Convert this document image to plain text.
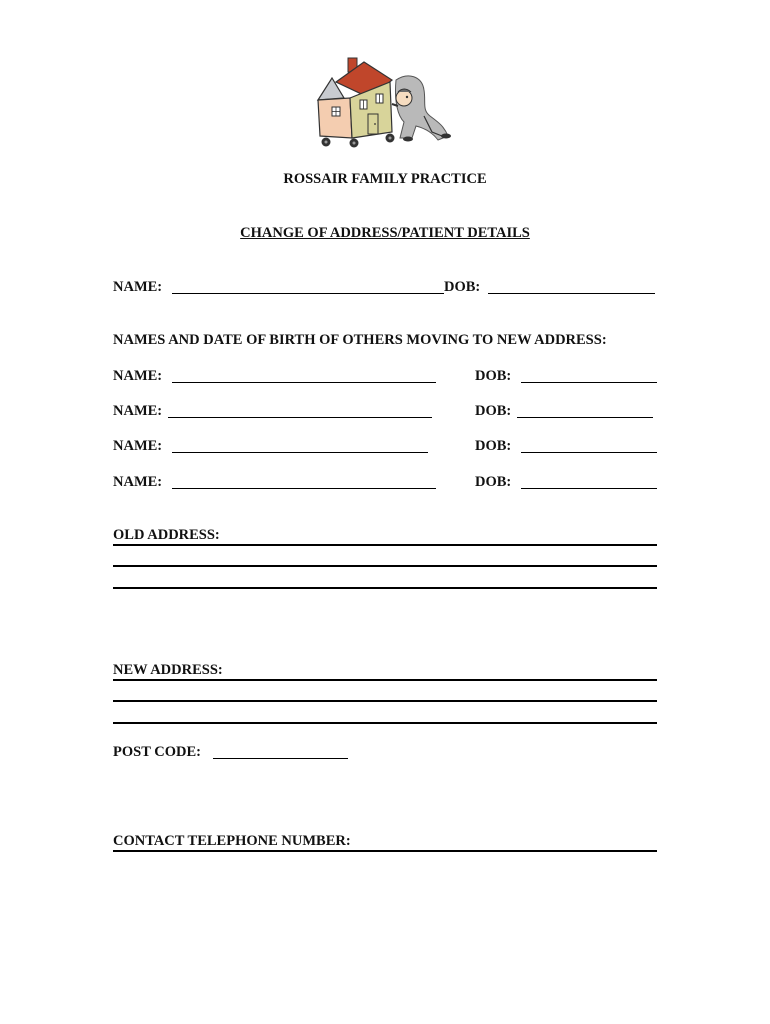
ROSSAIR FAMILY PRACTICE
CHANGE OF ADDRESS/PATIENT DETAILS
NAME:	DOB:
NAMES AND DATE OF BIRTH OF OTHERS MOVING TO NEW ADDRESS:
NAME:	DOB:
NAME:	DOB:
NAME:	DOB:
NAME:	DOB:
OLD ADDRESS:
NEW ADDRESS:
POST CODE:
CONTACT TELEPHONE NUMBER:
